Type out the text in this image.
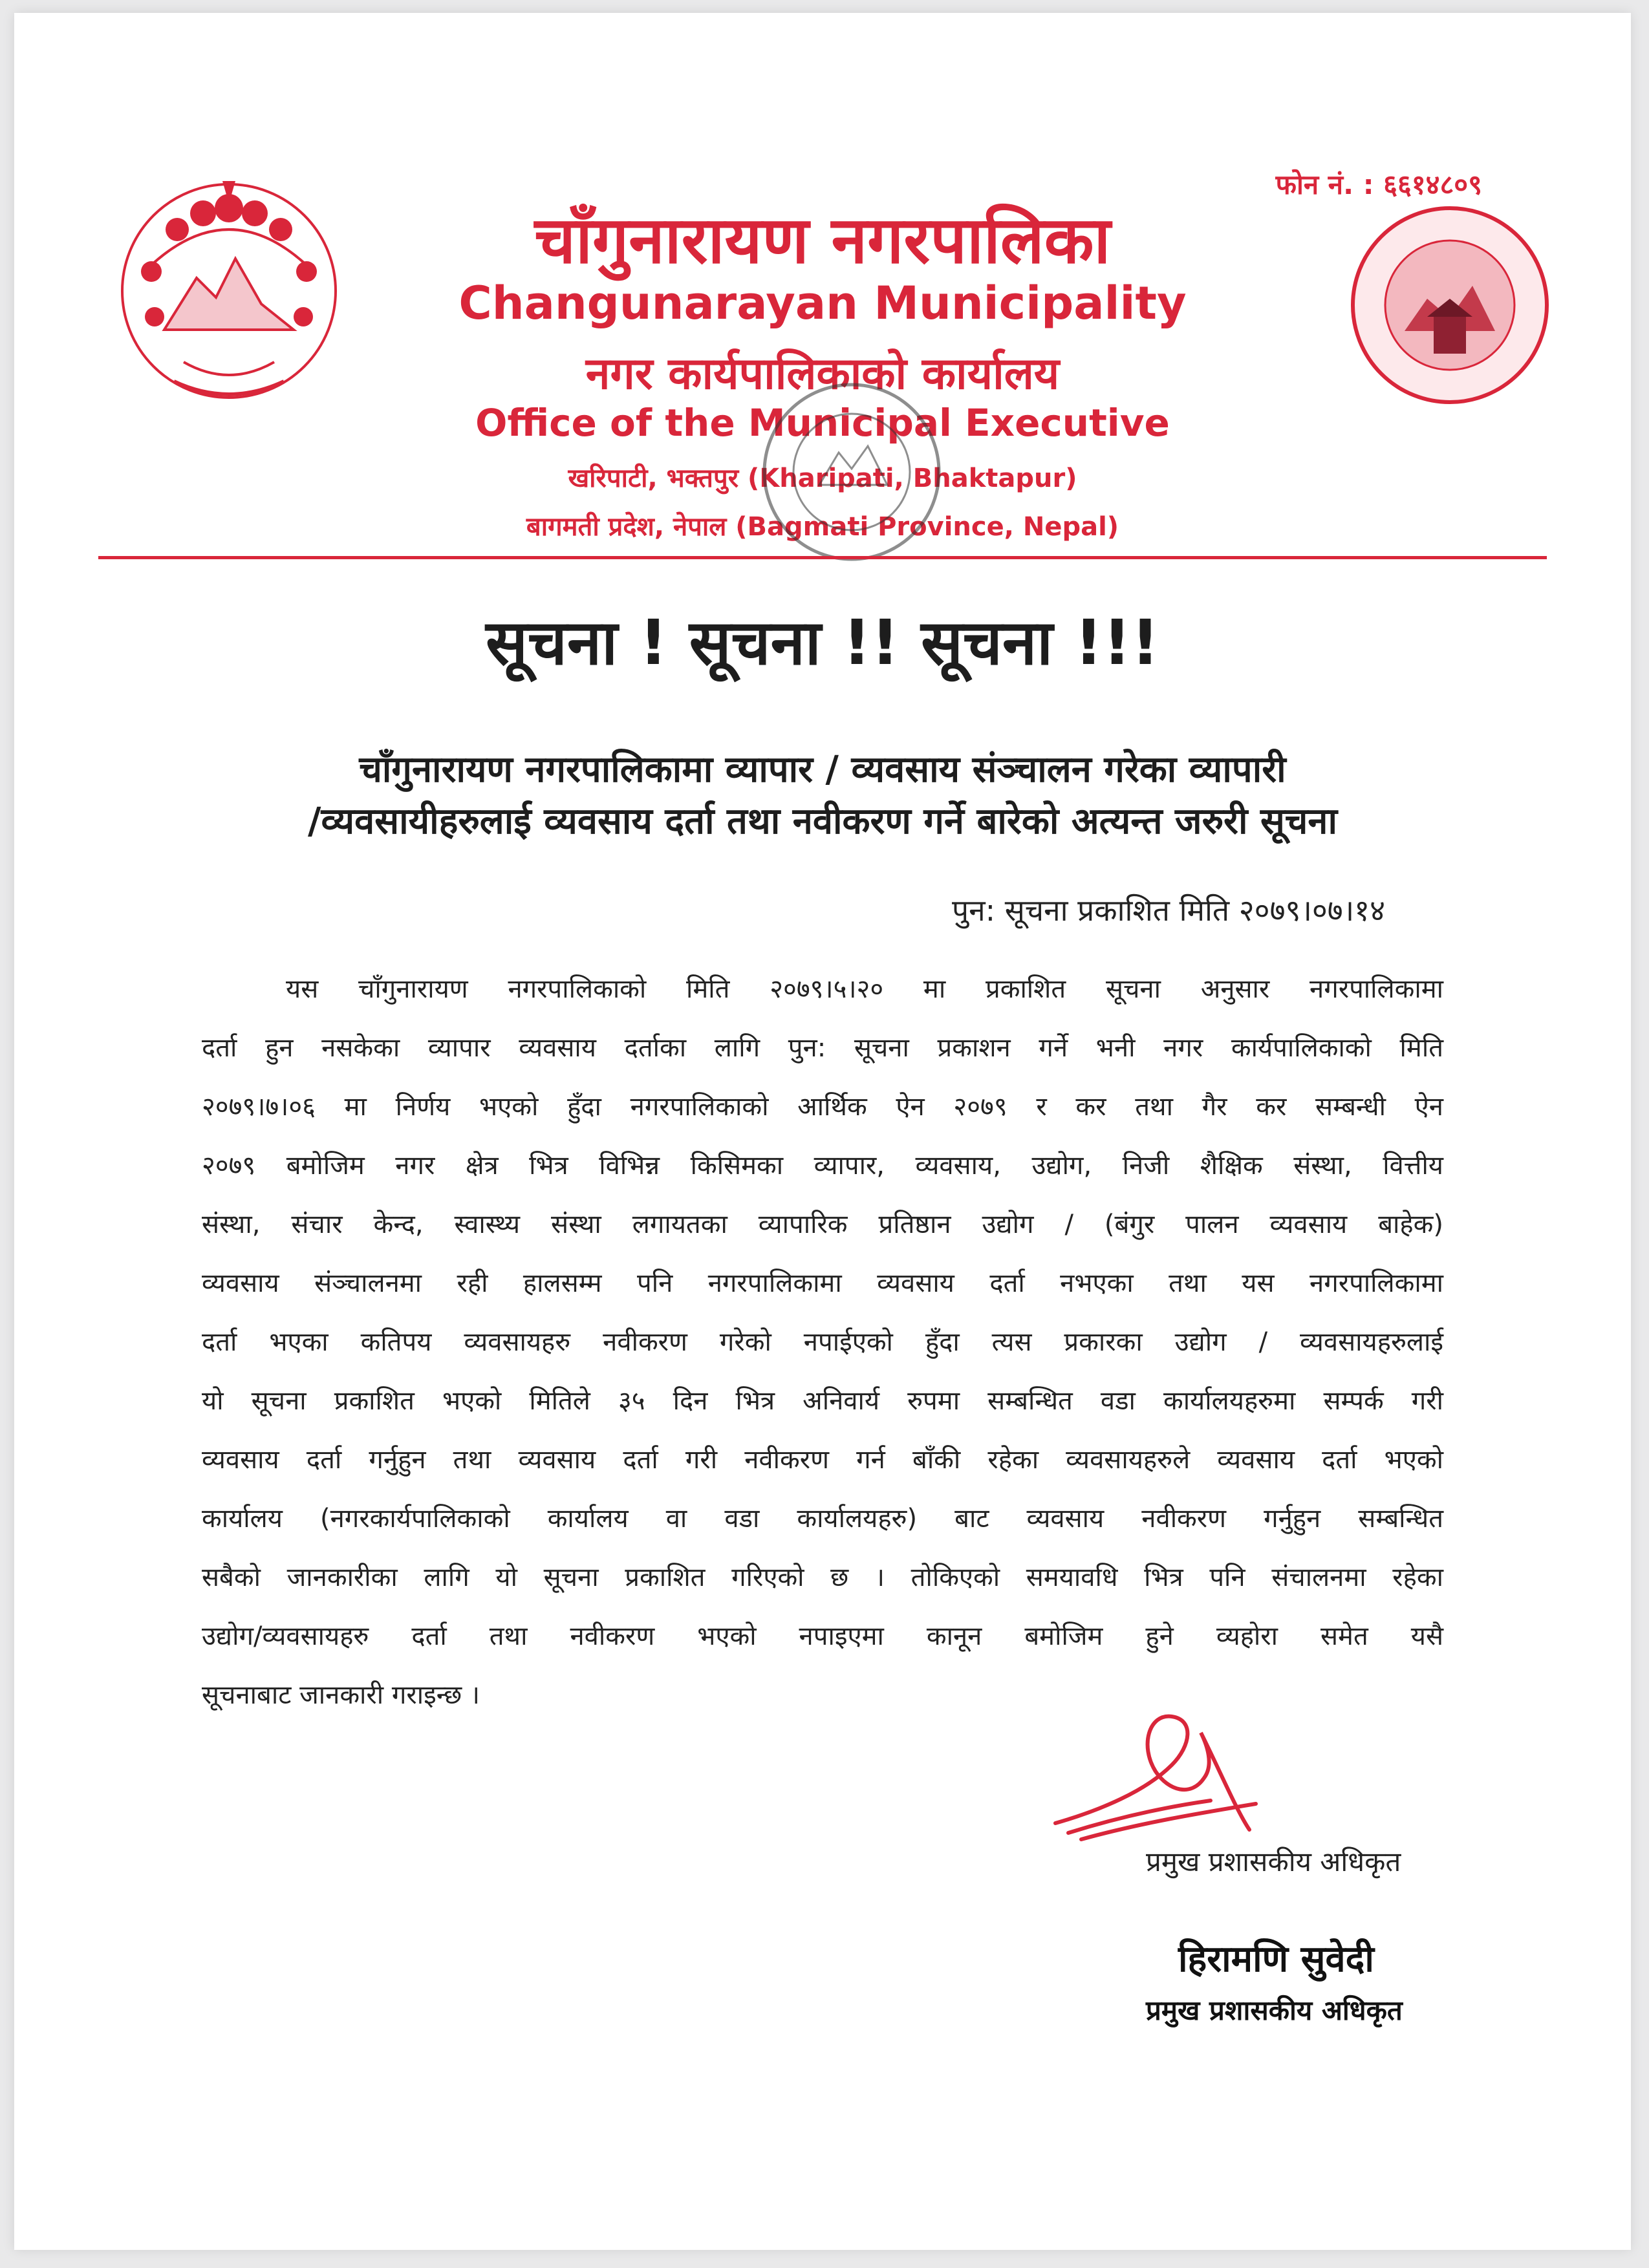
फोन नं. : ६६१४८०९
चाँगुनारायण नगरपालिका
Changunarayan Municipality
नगर कार्यपालिकाको कार्यालय
Office of the Municipal Executive
खरिपाटी, भक्तपुर (Kharipati, Bhaktapur)
बागमती प्रदेश, नेपाल (Bagmati Province, Nepal)
सूचना ! सूचना !! सूचना !!!
चाँगुनारायण नगरपालिकामा व्यापार / व्यवसाय संञ्चालन गरेका व्यापारी
/व्यवसायीहरुलाई व्यवसाय दर्ता तथा नवीकरण गर्ने बारेको अत्यन्त जरुरी सूचना
पुन: सूचना प्रकाशित मिति २०७९।०७।१४
यस चाँगुनारायण नगरपालिकाको मिति २०७९।५।२० मा प्रकाशित सूचना अनुसार नगरपालिकामा
दर्ता हुन नसकेका व्यापार व्यवसाय दर्ताका लागि पुन: सूचना प्रकाशन गर्ने भनी नगर कार्यपालिकाको मिति
२०७९।७।०६ मा निर्णय भएको हुँदा नगरपालिकाको आर्थिक ऐन २०७९ र कर तथा गैर कर सम्बन्धी ऐन
२०७९ बमोजिम नगर क्षेत्र भित्र विभिन्न किसिमका व्यापार, व्यवसाय, उद्योग, निजी शैक्षिक संस्था, वित्तीय
संस्था, संचार केन्द, स्वास्थ्य संस्था लगायतका व्यापारिक प्रतिष्ठान उद्योग / (बंगुर पालन व्यवसाय बाहेक)
व्यवसाय संञ्चालनमा रही हालसम्म पनि नगरपालिकामा व्यवसाय दर्ता नभएका तथा यस नगरपालिकामा
दर्ता भएका कतिपय व्यवसायहरु नवीकरण गरेको नपाईएको हुँदा त्यस प्रकारका उद्योग / व्यवसायहरुलाई
यो सूचना प्रकाशित भएको मितिले ३५ दिन भित्र अनिवार्य रुपमा सम्बन्धित वडा कार्यालयहरुमा सम्पर्क गरी
व्यवसाय दर्ता गर्नुहुन तथा व्यवसाय दर्ता गरी नवीकरण गर्न बाँकी रहेका व्यवसायहरुले व्यवसाय दर्ता भएको
कार्यालय (नगरकार्यपालिकाको कार्यालय वा वडा कार्यालयहरु) बाट व्यवसाय नवीकरण गर्नुहुन सम्बन्धित
सबैको जानकारीका लागि यो सूचना प्रकाशित गरिएको छ । तोकिएको समयावधि भित्र पनि संचालनमा रहेका
उद्योग/व्यवसायहरु दर्ता तथा नवीकरण भएको नपाइएमा कानून बमोजिम हुने व्यहोरा समेत यसै
सूचनाबाट जानकारी गराइन्छ ।
प्रमुख प्रशासकीय अधिकृत
हिरामणि सुवेदी
प्रमुख प्रशासकीय अधिकृत
